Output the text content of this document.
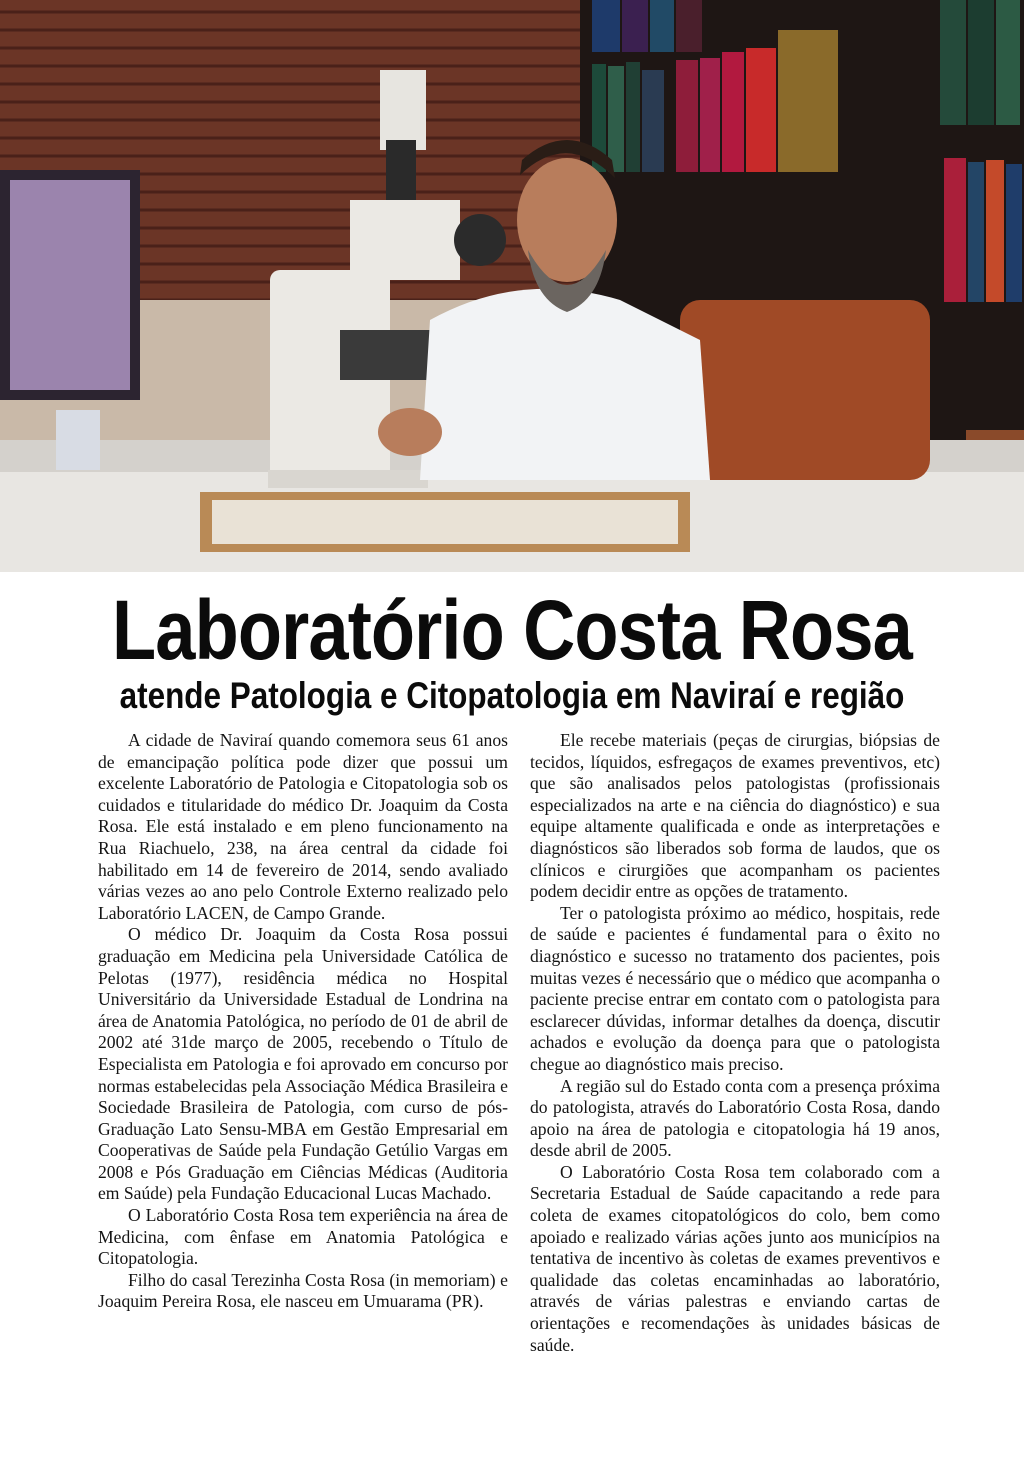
Laboratório Costa Rosa
atende Patologia e Citopatologia em Naviraí e região

A cidade de Naviraí quando comemora seus 61 anos de emancipação política pode dizer que possui um excelente Laboratório de Patologia e Citopatologia sob os cuidados e titularidade do médico Dr. Joaquim da Costa Rosa. Ele está instalado e em pleno funcionamento na Rua Riachuelo, 238, na área central da cidade foi habilitado em 14 de fevereiro de 2014, sendo avaliado várias vezes ao ano pelo Controle Externo realizado pelo Laboratório LACEN, de Campo Grande.

O médico Dr. Joaquim da Costa Rosa possui graduação em Medicina pela Universidade Católica de Pelotas (1977), residência médica no Hospital Universitário da Universidade Estadual de Londrina na área de Anatomia Patológica, no período de 01 de abril de 2002 até 31de março de 2005, recebendo o Título de Especialista em Patologia e foi aprovado em concurso por normas estabelecidas pela Associação Médica Brasileira e Sociedade Brasileira de Patologia, com curso de pós-Graduação Lato Sensu-MBA em Gestão Empresarial em Cooperativas de Saúde pela Fundação Getúlio Vargas em 2008 e Pós Graduação em Ciências Médicas (Auditoria em Saúde) pela Fundação Educacional Lucas Machado.

O Laboratório Costa Rosa tem experiência na área de Medicina, com ênfase em Anatomia Patológica e Citopatologia.

Filho do casal Terezinha Costa Rosa (in memoriam) e Joaquim Pereira Rosa, ele nasceu em Umuarama (PR).

Ele recebe materiais (peças de cirurgias, biópsias de tecidos, líquidos, esfregaços de exames preventivos, etc) que são analisados pelos patologistas (profissionais especializados na arte e na ciência do diagnóstico) e sua equipe altamente qualificada e onde as interpretações e diagnósticos são liberados sob forma de laudos, que os clínicos e cirurgiões que acompanham os pacientes podem decidir entre as opções de tratamento.

Ter o patologista próximo ao médico, hospitais, rede de saúde e pacientes é fundamental para o êxito no diagnóstico e sucesso no tratamento dos pacientes, pois muitas vezes é necessário que o médico que acompanha o paciente precise entrar em contato com o patologista para esclarecer dúvidas, informar detalhes da doença, discutir achados e evolução da doença para que o patologista chegue ao diagnóstico mais preciso.

A região sul do Estado conta com a presença próxima do patologista, através do Laboratório Costa Rosa, dando apoio na área de patologia e citopatologia há 19 anos, desde abril de 2005.

O Laboratório Costa Rosa tem colaborado com a Secretaria Estadual de Saúde capacitando a rede para coleta de exames citopatológicos do colo, bem como apoiado e realizado várias ações junto aos municípios na tentativa de incentivo às coletas de exames preventivos e qualidade das coletas encaminhadas ao laboratório, através de várias palestras e enviando cartas de orientações e recomendações às unidades básicas de saúde.
